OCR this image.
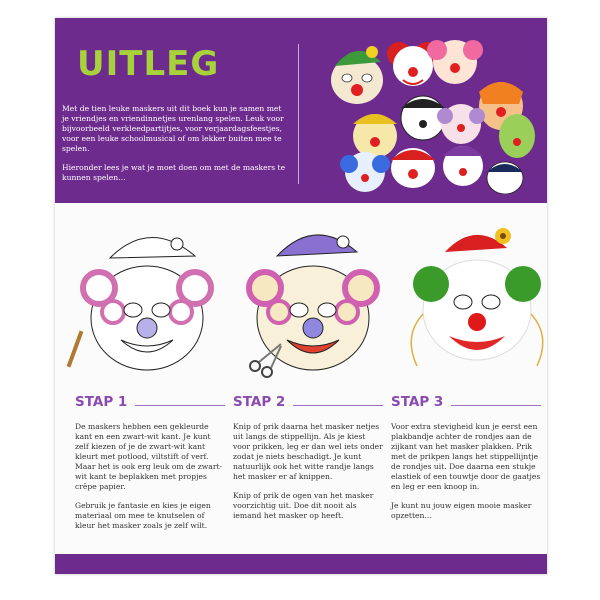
UITLEG

Met de tien leuke maskers uit dit boek kun je samen met je vriendjes en vriendinnetjes urenlang spelen. Leuk voor bijvoorbeeld verkleedpartijtjes, voor verjaardagsfeestjes, voor een leuke schoolmusical of om lekker buiten mee te spelen.

Hieronder lees je wat je moet doen om met de maskers te kunnen spelen…

STAP 1

De maskers hebben een gekleurde kant en een zwart-wit kant. Je kunt zelf kiezen of je de zwart-wit kant kleurt met potlood, viltstift of verf. Maar het is ook erg leuk om de zwart-wit kant te beplakken met propjes crêpe papier.

Gebruik je fantasie en kies je eigen materiaal om mee te knutselen of kleur het masker zoals je zelf wilt.

STAP 2

Knip of prik daarna het masker netjes uit langs de stippellijn. Als je kiest voor prikken, leg er dan wel iets onder zodat je niets beschadigt. Je kunt natuurlijk ook het witte randje langs het masker er af knippen.

Knip of prik de ogen van het masker voorzichtig uit. Doe dit nooit als iemand het masker op heeft.

STAP 3

Voor extra stevigheid kun je eerst een plakbandje achter de rondjes aan de zijkant van het masker plakken. Prik met de prikpen langs het stippellijntje de rondjes uit. Doe daarna een stukje elastiek of een touwtje door de gaatjes en leg er een knoop in.

Je kunt nu jouw eigen mooie masker opzetten…
